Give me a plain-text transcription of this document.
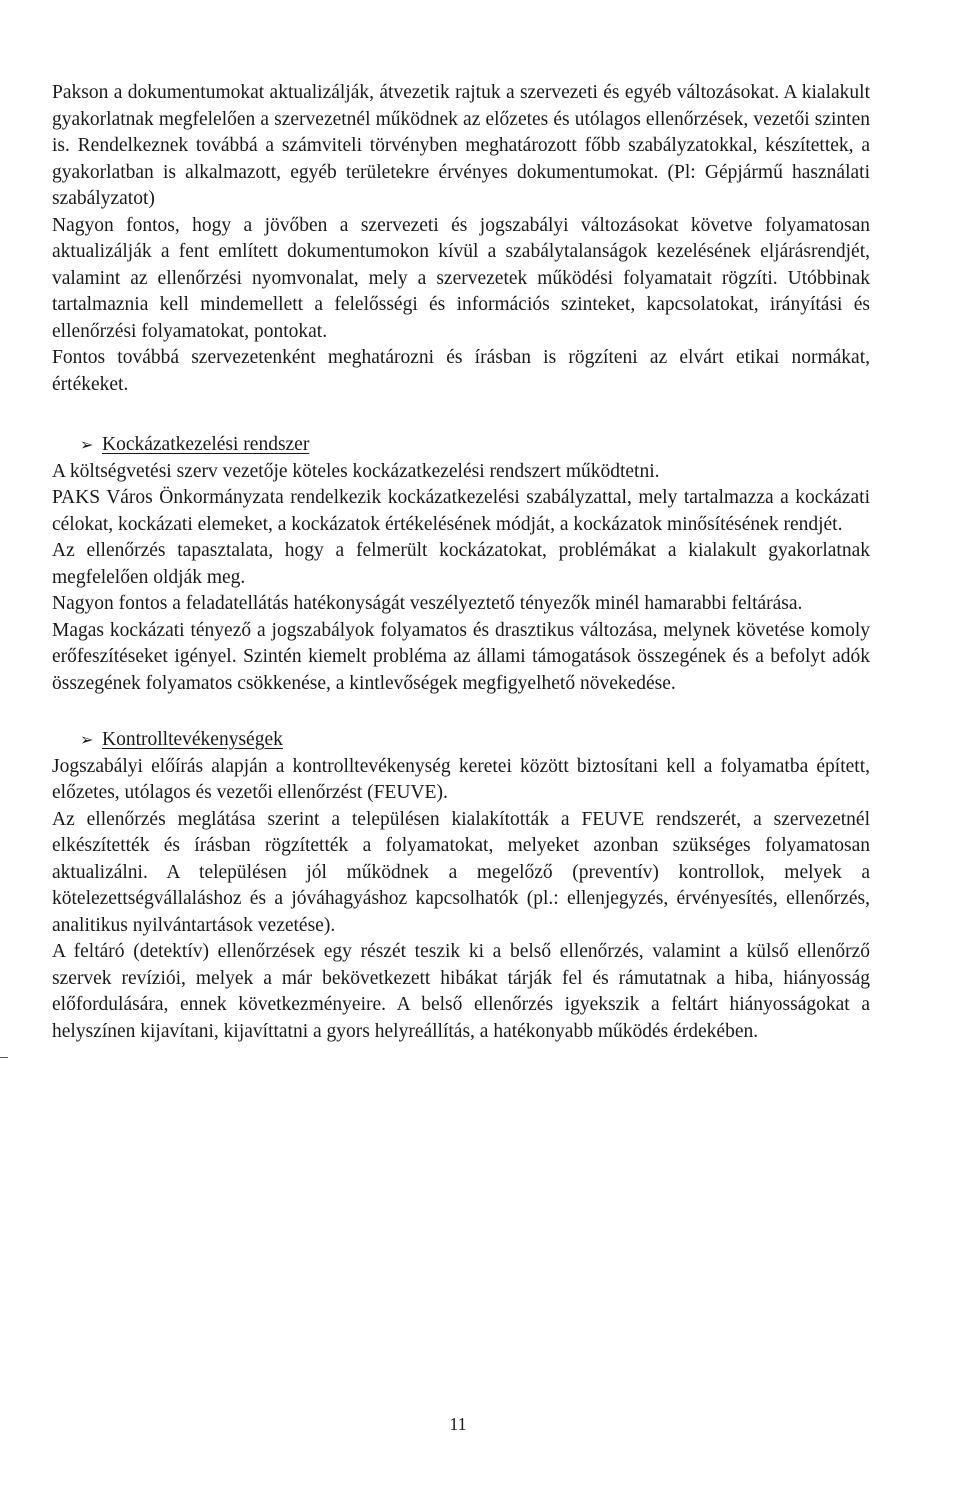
Pakson a dokumentumokat aktualizálják, átvezetik rajtuk a szervezeti és egyéb változásokat. A kialakult gyakorlatnak megfelelően a szervezetnél működnek az előzetes és utólagos ellenőrzések, vezetői szinten is. Rendelkeznek továbbá a számviteli törvényben meghatározott főbb szabályzatokkal, készítettek, a gyakorlatban is alkalmazott, egyéb területekre érvényes dokumentumokat. (Pl: Gépjármű használati szabályzatot)

Nagyon fontos, hogy a jövőben a szervezeti és jogszabályi változásokat követve folyamatosan aktualizálják a fent említett dokumentumokon kívül a szabálytalanságok kezelésének eljárásrendjét, valamint az ellenőrzési nyomvonalat, mely a szervezetek működési folyamatait rögzíti. Utóbbinak tartalmaznia kell mindemellett a felelősségi és információs szinteket, kapcsolatokat, irányítási és ellenőrzési folyamatokat, pontokat.

Fontos továbbá szervezetenként meghatározni és írásban is rögzíteni az elvárt etikai normákat, értékeket.

➢ Kockázatkezelési rendszer

A költségvetési szerv vezetője köteles kockázatkezelési rendszert működtetni.

PAKS Város Önkormányzata rendelkezik kockázatkezelési szabályzattal, mely tartalmazza a kockázati célokat, kockázati elemeket, a kockázatok értékelésének módját, a kockázatok minősítésének rendjét.

Az ellenőrzés tapasztalata, hogy a felmerült kockázatokat, problémákat a kialakult gyakorlatnak megfelelően oldják meg.

Nagyon fontos a feladatellátás hatékonyságát veszélyeztető tényezők minél hamarabbi feltárása.

Magas kockázati tényező a jogszabályok folyamatos és drasztikus változása, melynek követése komoly erőfeszítéseket igényel. Szintén kiemelt probléma az állami támogatások összegének és a befolyt adók összegének folyamatos csökkenése, a kintlevőségek megfigyelhető növekedése.

➢ Kontrolltevékenységek

Jogszabályi előírás alapján a kontrolltevékenység keretei között biztosítani kell a folyamatba épített, előzetes, utólagos és vezetői ellenőrzést (FEUVE).

Az ellenőrzés meglátása szerint a településen kialakították a FEUVE rendszerét, a szervezetnél elkészítették és írásban rögzítették a folyamatokat, melyeket azonban szükséges folyamatosan aktualizálni. A településen jól működnek a megelőző (preventív) kontrollok, melyek a kötelezettségvállaláshoz és a jóváhagyáshoz kapcsolhatók (pl.: ellenjegyzés, érvényesítés, ellenőrzés, analitikus nyilvántartások vezetése).

A feltáró (detektív) ellenőrzések egy részét teszik ki a belső ellenőrzés, valamint a külső ellenőrző szervek revíziói, melyek a már bekövetkezett hibákat tárják fel és rámutatnak a hiba, hiányosság előfordulására, ennek következményeire. A belső ellenőrzés igyekszik a feltárt hiányosságokat a helyszínen kijavítani, kijavíttatni a gyors helyreállítás, a hatékonyabb működés érdekében.

11
